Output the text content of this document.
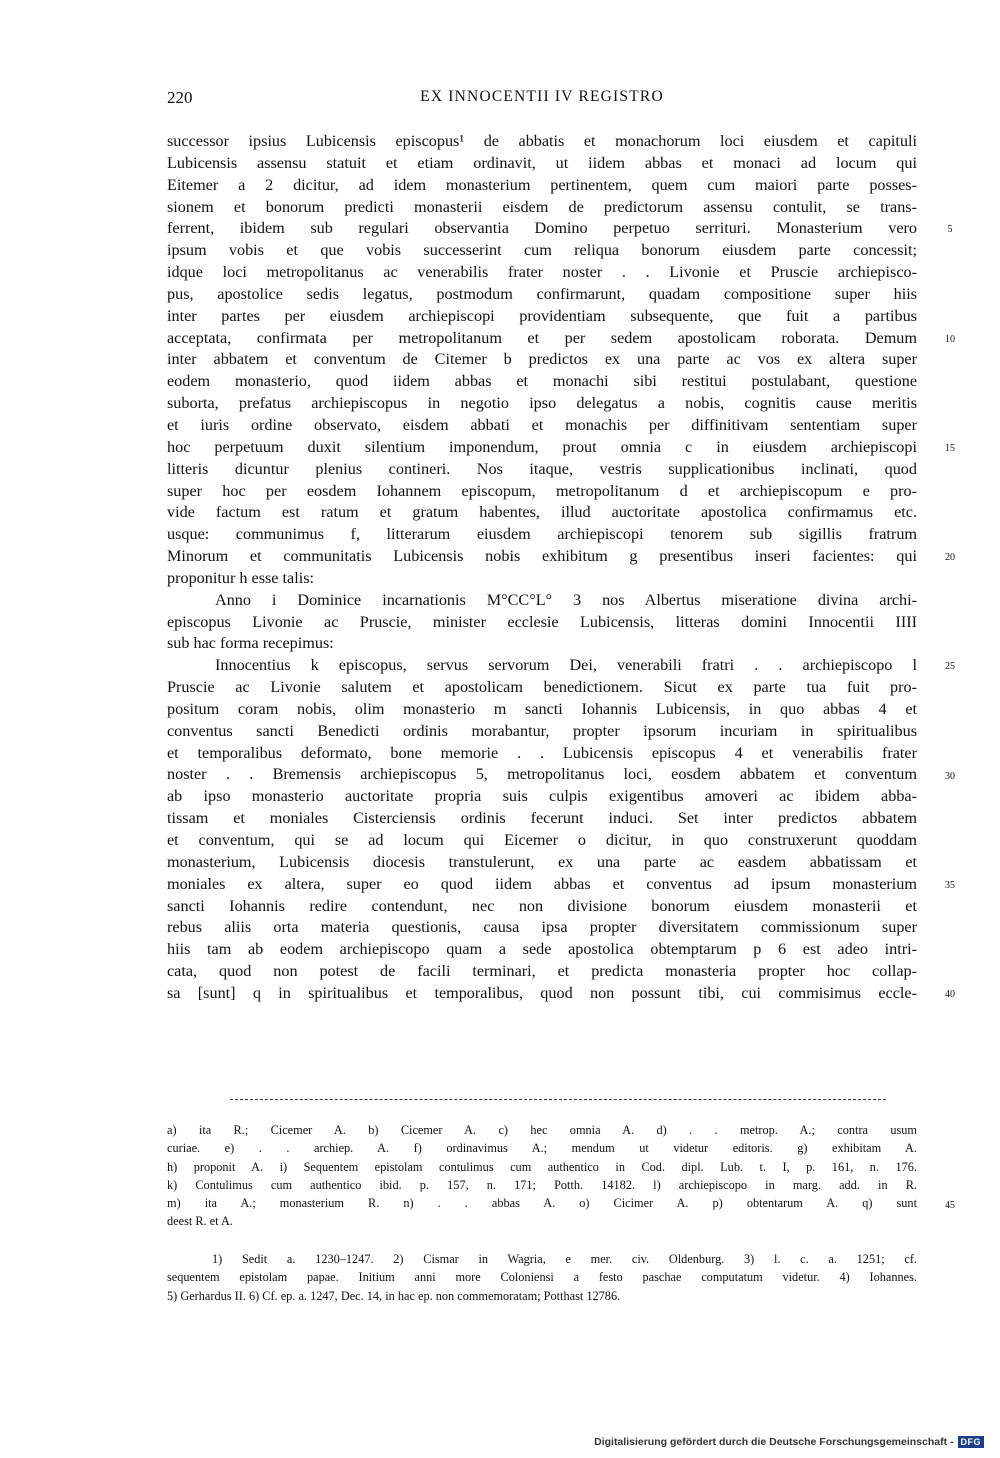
220	EX INNOCENTII IV REGISTRO
successor ipsius Lubicensis episcopus¹ de abbatis et monachorum loci eiusdem et capituli
Lubicensis assensu statuit et etiam ordinavit, ut iidem abbas et monaci ad locum qui
Eitemer a 2 dicitur, ad idem monasterium pertinentem, quem cum maiori parte posses-
sionem et bonorum predicti monasterii eisdem de predictorum assensu contulit, se trans-
ferrent, ibidem sub regulari observantia Domino perpetuo serrituri. Monasterium vero
ipsum vobis et que vobis successerint cum reliqua bonorum eiusdem parte concessit;
idque loci metropolitanus ac venerabilis frater noster . . Livonie et Prusсie archiepisco-
pus, apostolice sedis legatus, postmodum confirmarunt, quadam compositione super hiis
inter partes per eiusdem archiepiscopi providentiam subsequente, que fuit a partibus
acceptata, confirmata per metropolitanum et per sedem apostolicam roborata. Demum
inter abbatem et conventum de Citemer b predictos ex una parte ac vos ex altera super
eodem monasterio, quod iidem abbas et monachi sibi restitui postulabant, questione
suborta, prefatus archiepiscopus in negotio ipso delegatus a nobis, cognitis cause meritis
et iuris ordine observato, eisdem abbati et monachis per diffinitivam sententiam super
hoc perpetuum duxit silentium imponendum, prout omnia c in eiusdem archiepiscopi
litteris dicuntur plenius contineri. Nos itaque, vestris supplicationibus inclinati, quod
super hoc per eosdem Iohannem episcopum, metropolitanum d et archiepiscopum e pro-
vide factum est ratum et gratum habentes, illud auctoritate apostolica confirmamus etc.
usque: communimus f, litterarum eiusdem archiepiscopi tenorem sub sigillis fratrum
Minorum et communitatis Lubicensis nobis exhibitum g presentibus inseri facientes: qui
proponitur h esse talis:
Anno i Dominice incarnationis M°CC°L° 3 nos Albertus miseratione divina archi-
episcopus Livonie ac Prusсie, minister ecclesie Lubicensis, litteras domini Innocentii IIII
sub hac forma recepimus:
Innocentius k episcopus, servus servorum Dei, venerabili fratri . . archiepiscopo l
Prusсie ac Livonie salutem et apostolicam benedictionem. Sicut ex parte tua fuit pro-
positum coram nobis, olim monasterio m sancti Iohannis Lubicensis, in quo abbas 4 et
conventus sancti Benedicti ordinis morabantur, propter ipsorum incuriam in spiritualibus
et temporalibus deformato, bone memorie . . Lubicensis episcopus 4 et venerabilis frater
noster . . Bremensis archiepiscopus 5, metropolitanus loci, eosdem abbatem et conventum
ab ipso monasterio auctoritate propria suis culpis exigentibus amoveri ac ibidem abba-
tissam et moniales Cisterciensis ordinis fecerunt induci. Set inter predictos abbatem
et conventum, qui se ad locum qui Eicemer o dicitur, in quo construxerunt quoddam
monasterium, Lubicensis diocesis transtulerunt, ex una parte ac easdem abbatissam et
moniales ex altera, super eo quod iidem abbas et conventus ad ipsum monasterium
sancti Iohannis redire contendunt, nec non divisione bonorum eiusdem monasterii et
rebus aliis orta materia questionis, causa ipsa propter diversitatem commissionum super
hiis tam ab eodem archiepiscopo quam a sede apostolica obtemptarum p 6 est adeo intri-
cata, quod non potest de facili terminari, et predicta monasteria propter hoc collap-
sa [sunt] q in spiritualibus et temporalibus, quod non possunt tibi, cui commisimus eccle-
5
10
15
20
25
30
35
40
a) ita R.; Cicemer A. b) Cicemer A. c) hec omnia A. d) . . metrop. A.; contra usum
curiae. e) . . archiep. A. f) ordinavimus A.; mendum ut videtur editoris. g) exhibitam A.
h) proponit A. i) Sequentem epistolam contulimus cum authentico in Cod. dipl. Lub. t. I, p. 161, n. 176.
k) Contulimus cum authentico ibid. p. 157, n. 171; Potth. 14182. l) archiepiscopo in marg. add. in R.
m) ita A.; monasterium R. n) . . abbas A. o) Cicimer A. p) obtentarum A. q) sunt
deest R. et A.
45
1) Sedit a. 1230–1247. 2) Cismar in Wagria, e mer. civ. Oldenburg. 3) l. c. a. 1251; cf.
sequentem epistolam papae. Initium anni more Coloniensi a festo paschae computatum videtur. 4) Iohannes.
5) Gerhardus II. 6) Cf. ep. a. 1247, Dec. 14, in hac ep. non commemoratam; Potthast 12786.
Digitalisierung gefördert durch die Deutsche Forschungsgemeinschaft - DFG
